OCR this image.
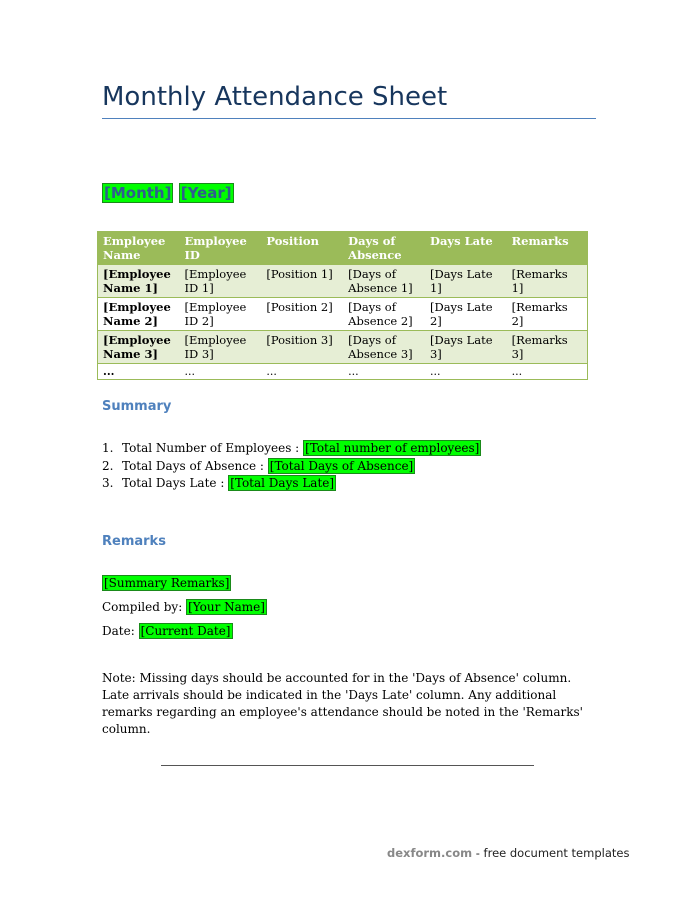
Monthly Attendance Sheet
[Month] [Year]
Employee Name	Employee ID	Position	Days of Absence	Days Late	Remarks
[Employee Name 1]	[Employee ID 1]	[Position 1]	[Days of Absence 1]	[Days Late 1]	[Remarks 1]
[Employee Name 2]	[Employee ID 2]	[Position 2]	[Days of Absence 2]	[Days Late 2]	[Remarks 2]
[Employee Name 3]	[Employee ID 3]	[Position 3]	[Days of Absence 3]	[Days Late 3]	[Remarks 3]
...	...	...	...	...	...
Summary
1. Total Number of Employees : [Total number of employees]
2. Total Days of Absence : [Total Days of Absence]
3. Total Days Late : [Total Days Late]
Remarks
[Summary Remarks]
Compiled by: [Your Name]
Date: [Current Date]
Note: Missing days should be accounted for in the 'Days of Absence' column. Late arrivals should be indicated in the 'Days Late' column. Any additional remarks regarding an employee's attendance should be noted in the 'Remarks' column.
dexform.com - free document templates
